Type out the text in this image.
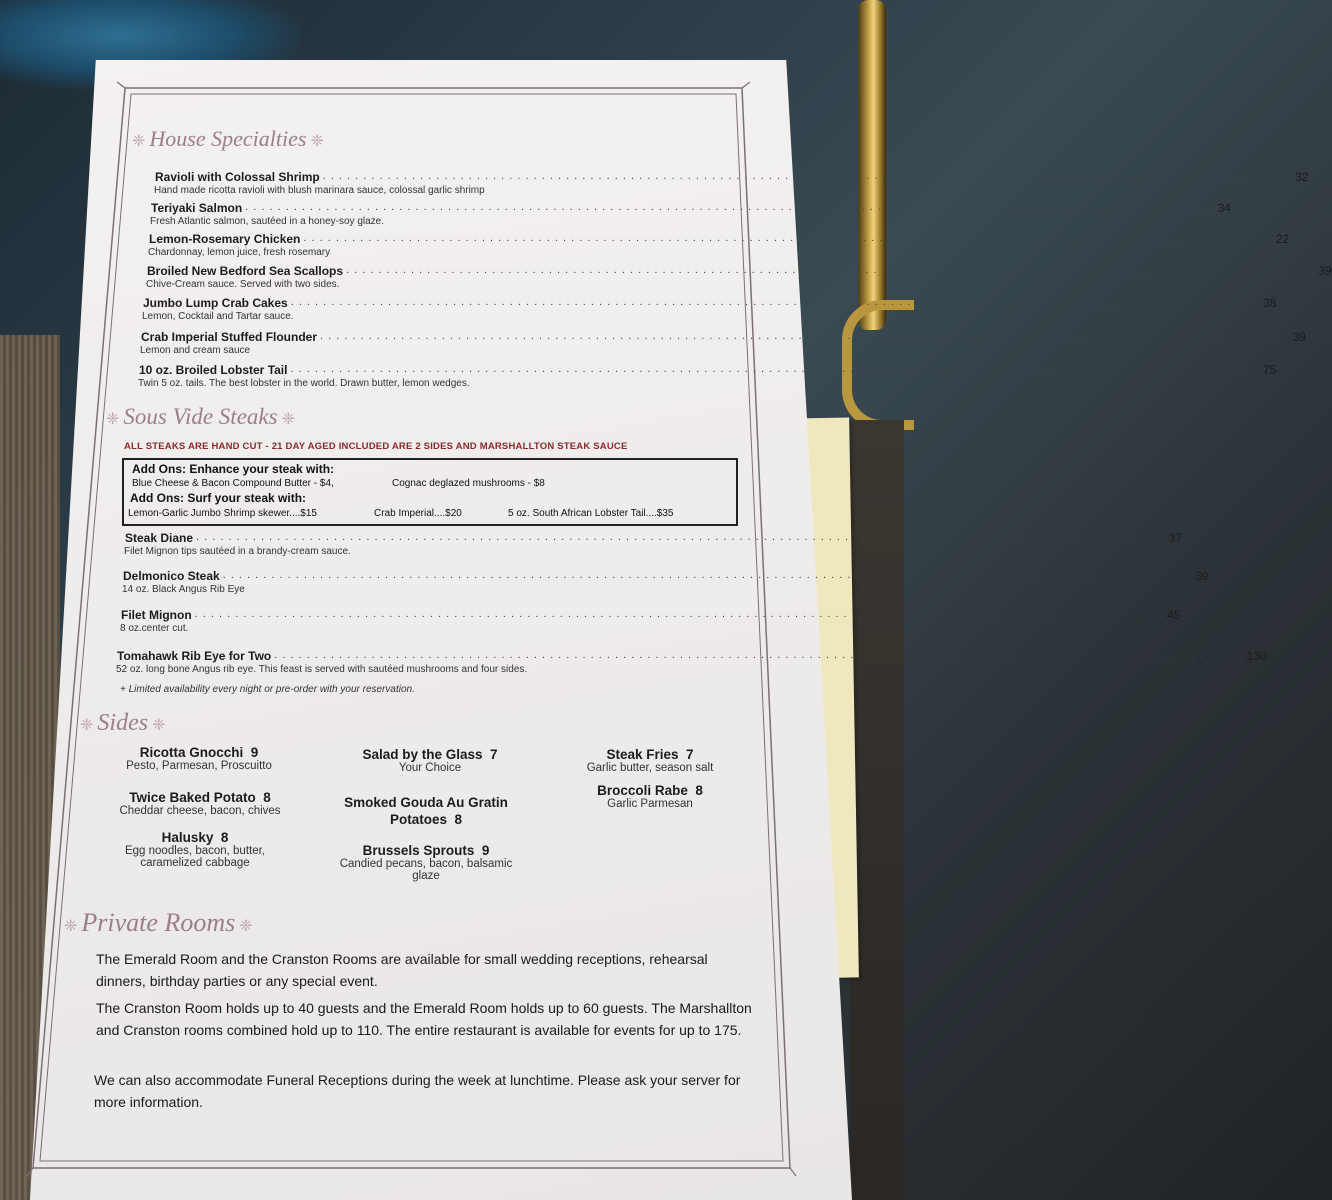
❈ House Specialties ❈
Ravioli with Colossal Shrimp . . . . . . . . . . . . . . . . . . . . . . . . . . . . . . . . . . . . . . . . . . . . . . . . . . . . . . . . . . . . . . . . . . . . . . . . . . . . . . . . . . . . . . . . . . . . . . . . . . . . . . . . . . . . . . . . . . . . . . . . 32
Hand made ricotta ravioli with blush marinara sauce, colossal garlic shrimp
Teriyaki Salmon . . . . . . . . . . . . . . . . . . . . . . . . . . . . . . . . . . . . . . . . . . . . . . . . . . . . . . . . . . . . . . . . . . . . . . . . . . . . . . . . . . . . . . . . . . . . . . . . . . . . . . . . . . . . . . . . . . . . . . . . 34
Fresh Atlantic salmon, sautéed in a honey-soy glaze.
Lemon-Rosemary Chicken . . . . . . . . . . . . . . . . . . . . . . . . . . . . . . . . . . . . . . . . . . . . . . . . . . . . . . . . . . . . . . . . . . . . . . . . . . . . . . . . . . . . . . . . . . . . . . . . . . . . . . . . . . . . . . . . . . . . . . . . 22
Chardonnay, lemon juice, fresh rosemary
Broiled New Bedford Sea Scallops . . . . . . . . . . . . . . . . . . . . . . . . . . . . . . . . . . . . . . . . . . . . . . . . . . . . . . . . . . . . . . . . . . . . . . . . . . . . . . . . . . . . . . . . . . . . . . . . . . . . . . . . . . . . . . . . . . . . . . . . 39
Chive-Cream sauce. Served with two sides.
Jumbo Lump Crab Cakes . . . . . . . . . . . . . . . . . . . . . . . . . . . . . . . . . . . . . . . . . . . . . . . . . . . . . . . . . . . . . . . . . . . . . . . . . . . . . . . . . . . . . . . . . . . . . . . . . . . . . . . . . . . . . . . . . . . . . . . . 38
Lemon, Cocktail and Tartar sauce.
Crab Imperial Stuffed Flounder . . . . . . . . . . . . . . . . . . . . . . . . . . . . . . . . . . . . . . . . . . . . . . . . . . . . . . . . . . . . . . . . . . . . . . . . . . . . . . . . . . . . . . . . . . . . . . . . . . . . . . . . . . . . . . . . . . . . . . . . 39
Lemon and cream sauce
10 oz. Broiled Lobster Tail . . . . . . . . . . . . . . . . . . . . . . . . . . . . . . . . . . . . . . . . . . . . . . . . . . . . . . . . . . . . . . . . . . . . . . . . . . . . . . . . . . . . . . . . . . . . . . . . . . . . . . . . . . . . . . . . . . . . . . . . 75
Twin 5 oz. tails. The best lobster in the world. Drawn butter, lemon wedges.
❈ Sous Vide Steaks ❈
ALL STEAKS ARE HAND CUT - 21 DAY AGED INCLUDED ARE 2 SIDES AND MARSHALLTON STEAK SAUCE
Add Ons: Enhance your steak with:
Blue Cheese & Bacon Compound Butter - $4,	Cognac deglazed mushrooms - $8
Add Ons: Surf your steak with:
Lemon-Garlic Jumbo Shrimp skewer....$15	Crab Imperial....$20	5 oz. South African Lobster Tail....$35
Steak Diane . . . . . . . . . . . . . . . . . . . . . . . . . . . . . . . . . . . . . . . . . . . . . . . . . . . . . . . . . . . . . . . . . . . . . . . . . . . . . . . . . . . . . . . . . . . . . . . . . . . . . . . . . . . . . . . . . . . . . . . . 37
Filet Mignon tips sautéed in a brandy-cream sauce.
Delmonico Steak . . . . . . . . . . . . . . . . . . . . . . . . . . . . . . . . . . . . . . . . . . . . . . . . . . . . . . . . . . . . . . . . . . . . . . . . . . . . . . . . . . . . . . . . . . . . . . . . . . . . . . . . . . . . . . . . . . . . . . . . 39
14 oz. Black Angus Rib Eye
Filet Mignon . . . . . . . . . . . . . . . . . . . . . . . . . . . . . . . . . . . . . . . . . . . . . . . . . . . . . . . . . . . . . . . . . . . . . . . . . . . . . . . . . . . . . . . . . . . . . . . . . . . . . . . . . . . . . . . . . . . . . . . . 45
8 oz.center cut.
Tomahawk Rib Eye for Two . . . . . . . . . . . . . . . . . . . . . . . . . . . . . . . . . . . . . . . . . . . . . . . . . . . . . . . . . . . . . . . . . . . . . . . . . . . . . . . . . . . . . . . . . . . . . . . . . . . . . . . . . . . . . . . . . . . . . . . . 130
52 oz. long bone Angus rib eye. This feast is served with sautéed mushrooms and four sides.
+ Limited availability every night or pre-order with your reservation.
❈ Sides ❈
Ricotta Gnocchi 9
Pesto, Parmesan, Proscuitto
Twice Baked Potato 8
Cheddar cheese, bacon, chives
Halusky 8
Egg noodles, bacon, butter,
caramelized cabbage
Salad by the Glass 7
Your Choice
Smoked Gouda Au Gratin
Potatoes 8
Brussels Sprouts 9
Candied pecans, bacon, balsamic
glaze
Steak Fries 7
Garlic butter, season salt
Broccoli Rabe 8
Garlic Parmesan
❈ Private Rooms ❈
The Emerald Room and the Cranston Rooms are available for small wedding receptions, rehearsal dinners, birthday parties or any special event.
The Cranston Room holds up to 40 guests and the Emerald Room holds up to 60 guests. The Marshallton and Cranston rooms combined hold up to 110. The entire restaurant is available for events for up to 175.
We can also accommodate Funeral Receptions during the week at lunchtime. Please ask your server for more information.
